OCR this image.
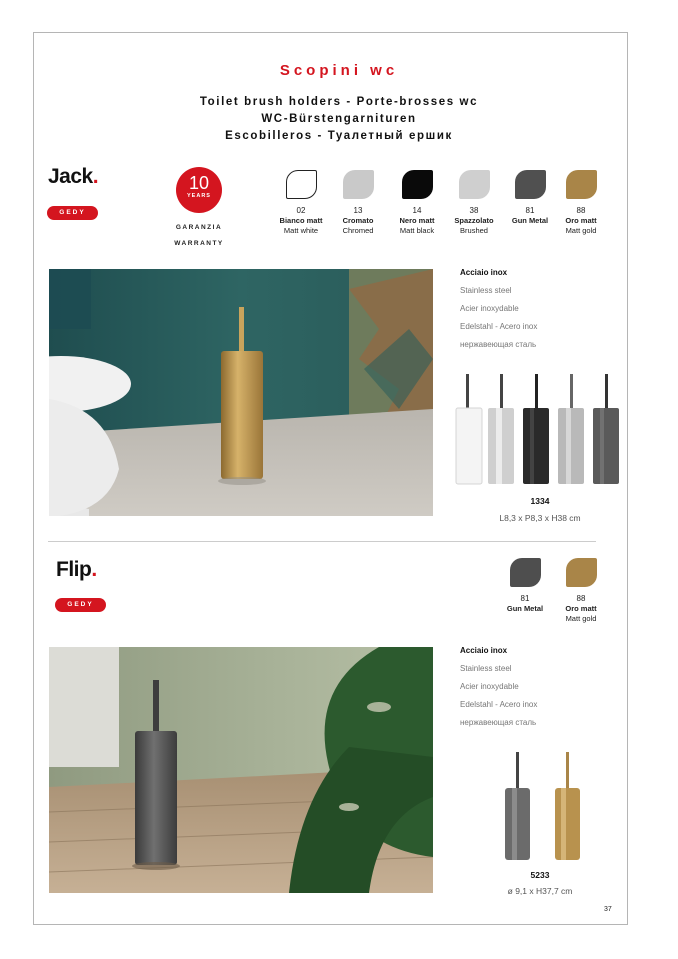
Scopini wc
Toilet brush holders - Porte-brosses wc
WC-Bürstengarnituren
Escobilleros - Туалетный ершик
Jack.
GEDY
10
YEARS
GARANZIA
WARRANTY
02
Bianco matt
Matt white
13
Cromato
Chromed
14
Nero matt
Matt black
38
Spazzolato
Brushed
81
Gun Metal
88
Oro matt
Matt gold
Acciaio inox
Stainless steel
Acier inoxydable
Edelstahl - Acero inox
нержавеющая сталь
1334
L8,3 x P8,3 x H38 cm
Flip.
GEDY
81
Gun Metal
88
Oro matt
Matt gold
Acciaio inox
Stainless steel
Acier inoxydable
Edelstahl - Acero inox
нержавеющая сталь
5233
ø 9,1 x H37,7 cm
37
